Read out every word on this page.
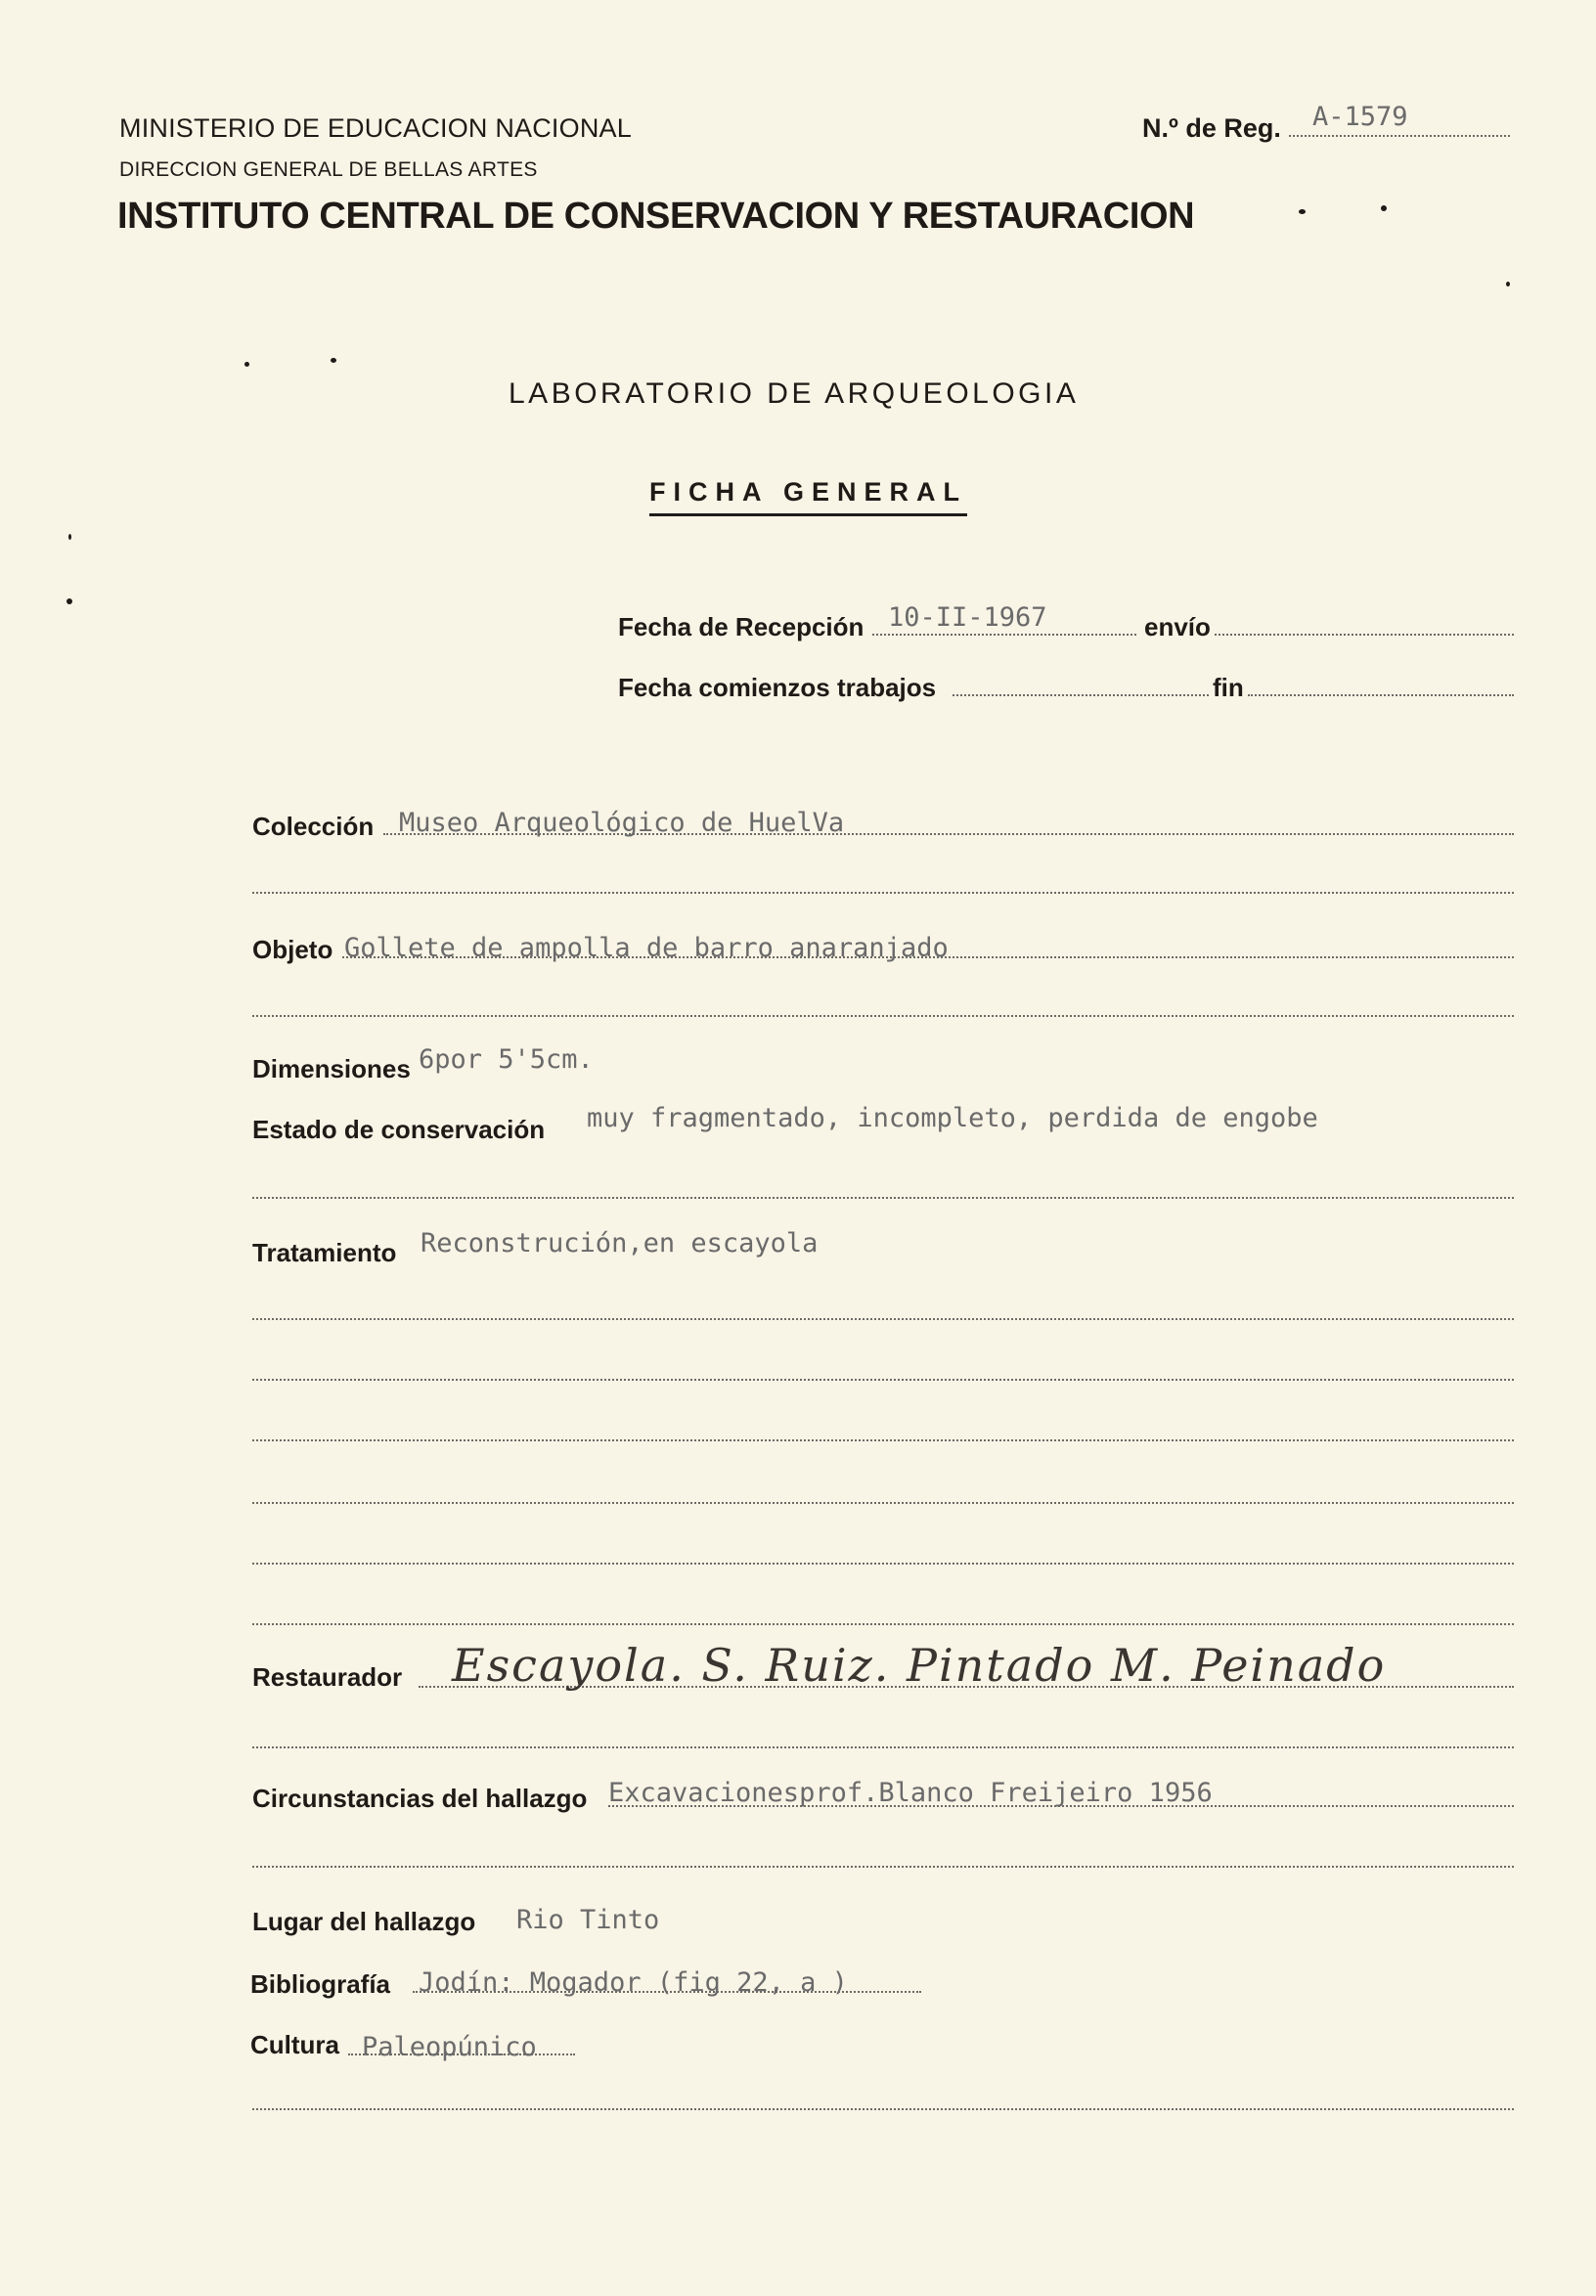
MINISTERIO DE EDUCACION NACIONAL
DIRECCION GENERAL DE BELLAS ARTES
INSTITUTO CENTRAL DE CONSERVACION Y RESTAURACION
N.º de Reg. A-1579
LABORATORIO DE ARQUEOLOGIA
FICHA GENERAL
Fecha de Recepción 10-II-1967	envío
Fecha comienzos trabajos	fin
Colección Museo Arqueológico de HuelVa
Objeto Gollete de ampolla de barro anaranjado
Dimensiones 6por 5'5cm.
Estado de conservación muy fragmentado, incompleto, perdida de engobe
Tratamiento Reconstrución,en escayola
Restaurador Escayola. S. Ruiz. Pintado M. Peinado
Circunstancias del hallazgo Excavacionesprof.Blanco Freijeiro 1956
Lugar del hallazgo Rio Tinto
Bibliografía Jodín: Mogador (fig 22, a )
Cultura Paleopúnico
